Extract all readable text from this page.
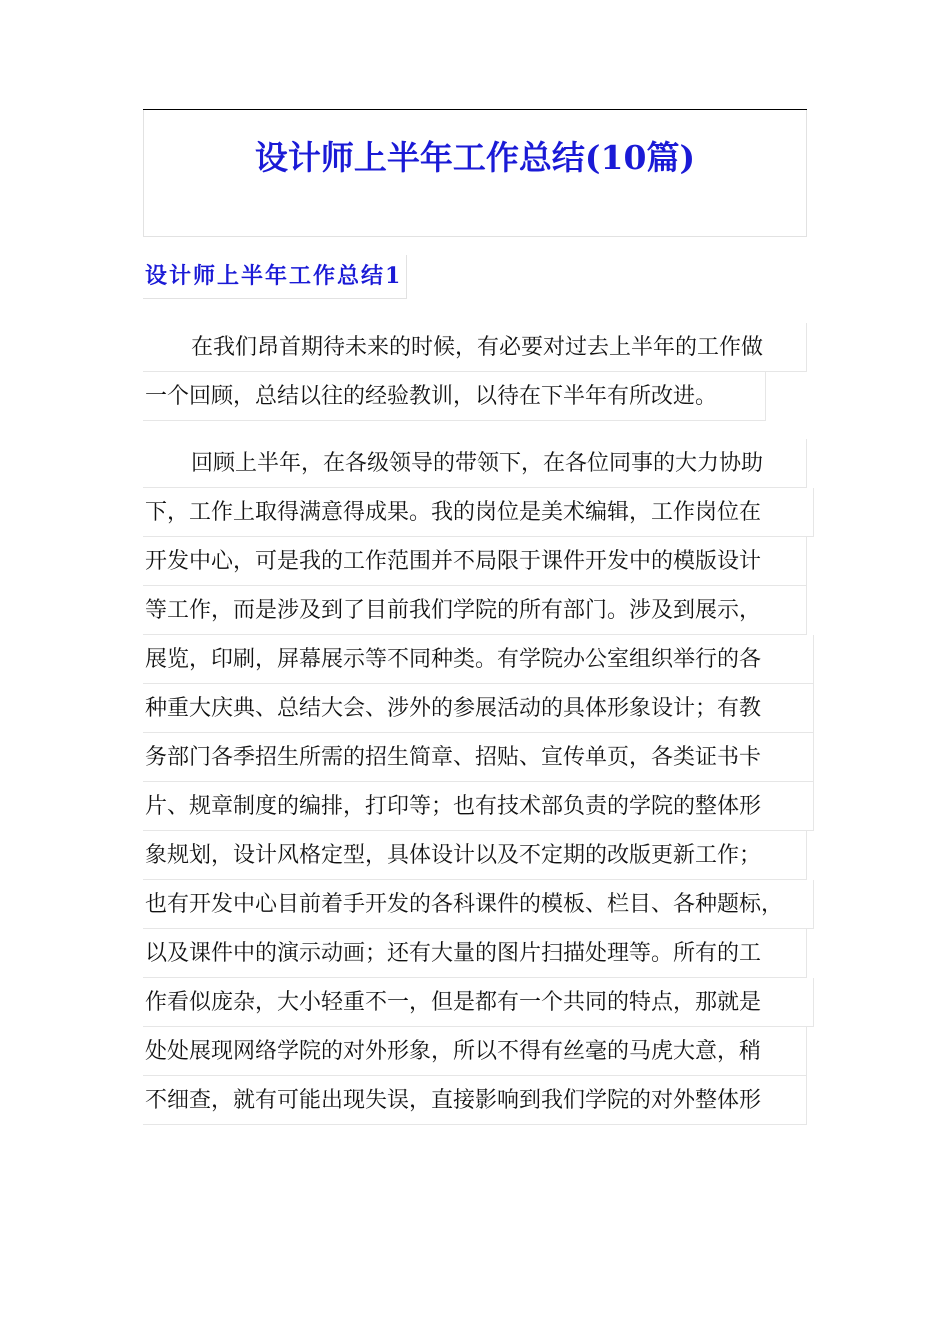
设计师上半年工作总结(10篇)
设计师上半年工作总结1
在我们昂首期待未来的时候，有必要对过去上半年的工作做
一个回顾，总结以往的经验教训，以待在下半年有所改进。
回顾上半年，在各级领导的带领下，在各位同事的大力协助
下，工作上取得满意得成果。我的岗位是美术编辑，工作岗位在
开发中心，可是我的工作范围并不局限于课件开发中的模版设计
等工作，而是涉及到了目前我们学院的所有部门。涉及到展示，
展览，印刷，屏幕展示等不同种类。有学院办公室组织举行的各
种重大庆典、总结大会、涉外的参展活动的具体形象设计；有教
务部门各季招生所需的招生简章、招贴、宣传单页，各类证书卡
片、规章制度的编排，打印等；也有技术部负责的学院的整体形
象规划，设计风格定型，具体设计以及不定期的改版更新工作；
也有开发中心目前着手开发的各科课件的模板、栏目、各种题标，
以及课件中的演示动画；还有大量的图片扫描处理等。所有的工
作看似庞杂，大小轻重不一，但是都有一个共同的特点，那就是
处处展现网络学院的对外形象，所以不得有丝毫的马虎大意，稍
不细查，就有可能出现失误，直接影响到我们学院的对外整体形
